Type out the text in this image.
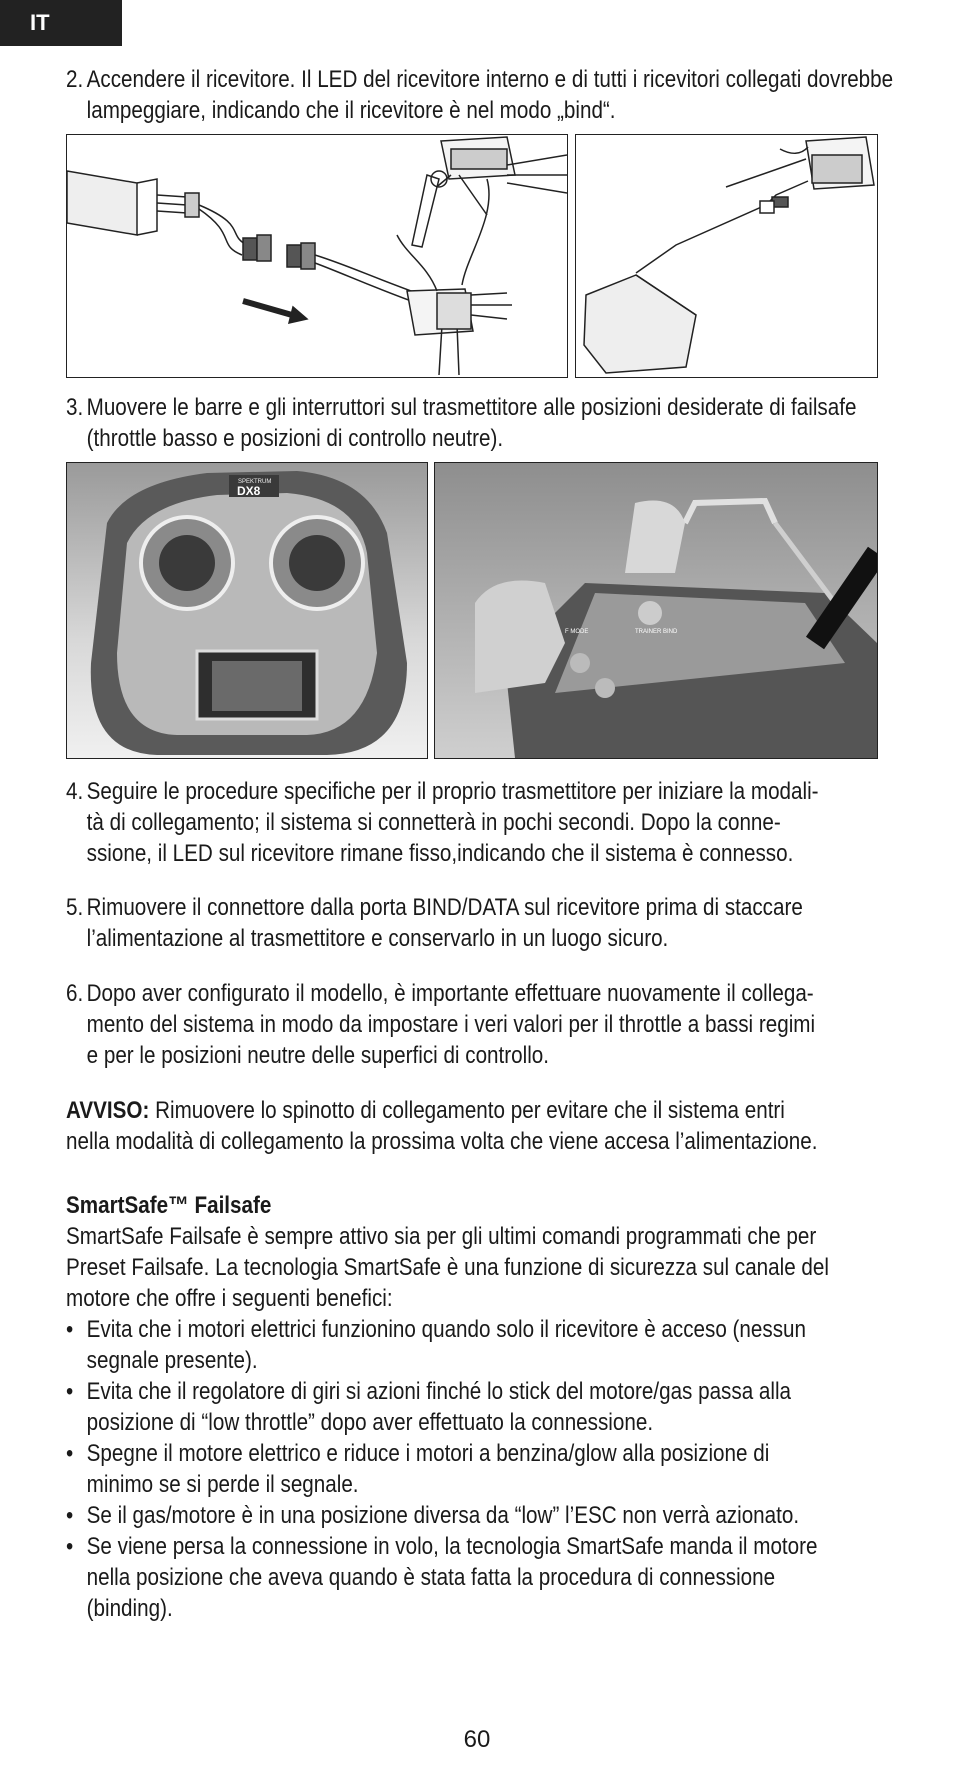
IT
2. Accendere il ricevitore. Il LED del ricevitore interno e di tutti i ricevitori collegati dovrebbe lampeggiare, indicando che il ricevitore è nel modo „bind“.
3. Muovere le barre e gli interruttori sul trasmettitore alle posizioni desiderate di failsafe (throttle basso e posizioni di controllo neutre).
SPEKTRUM
DX8
TRAINER BIND
F MODE
4. Seguire le procedure specifiche per il proprio trasmettitore per iniziare la modali-
tà di collegamento; il sistema si connetterà in pochi secondi. Dopo la conne-
ssione, il LED sul ricevitore rimane fisso,indicando che il sistema è connesso.
5. Rimuovere il connettore dalla porta BIND/DATA sul ricevitore prima di staccare
l’alimentazione al trasmettitore e conservarlo in un luogo sicuro.
6. Dopo aver configurato il modello, è importante effettuare nuovamente il collega-
mento del sistema in modo da impostare i veri valori per il throttle a bassi regimi
e per le posizioni neutre delle superfici di controllo.
AVVISO: Rimuovere lo spinotto di collegamento per evitare che il sistema entri
nella modalità di collegamento la prossima volta che viene accesa l’alimentazione.
SmartSafe™ Failsafe
SmartSafe Failsafe è sempre attivo sia per gli ultimi comandi programmati che per
Preset Failsafe. La tecnologia SmartSafe è una funzione di sicurezza sul canale del
motore che offre i seguenti benefici:
• Evita che i motori elettrici funzionino quando solo il ricevitore è acceso (nessun
segnale presente).
• Evita che il regolatore di giri si azioni finché lo stick del motore/gas passa alla
posizione di “low throttle” dopo aver effettuato la connessione.
• Spegne il motore elettrico e riduce i motori a benzina/glow alla posizione di
minimo se si perde il segnale.
• Se il gas/motore è in una posizione diversa da “low” l’ESC non verrà azionato.
• Se viene persa la connessione in volo, la tecnologia SmartSafe manda il motore
nella posizione che aveva quando è stata fatta la procedura di connessione
(binding).
60
